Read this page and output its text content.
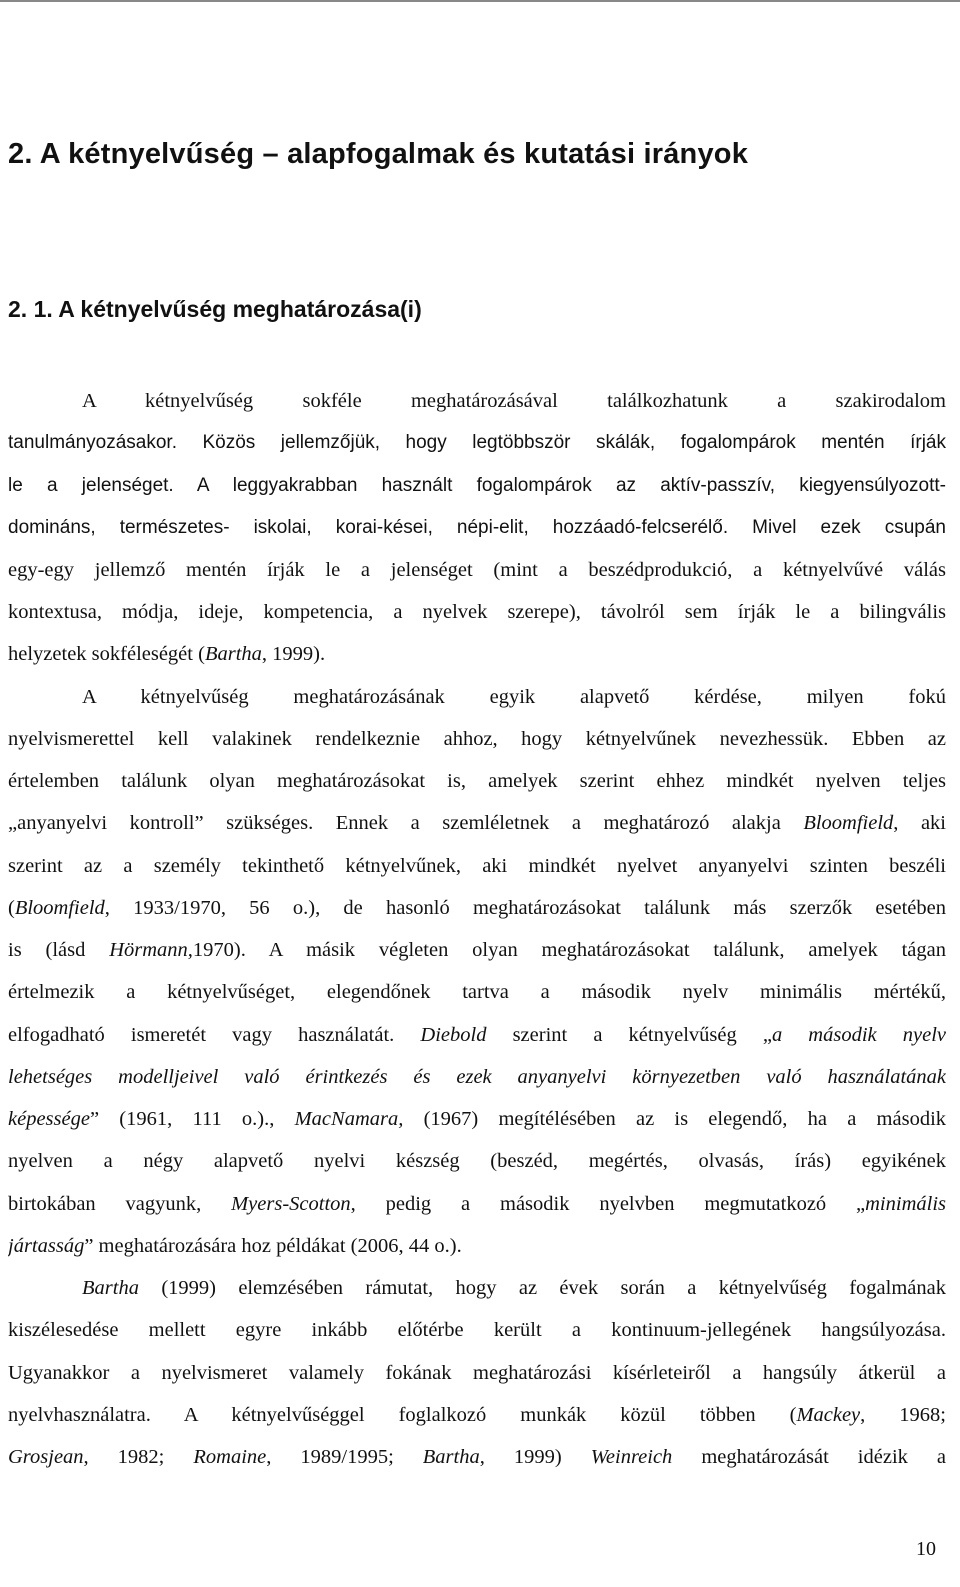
2. A kétnyelvűség – alapfogalmak és kutatási irányok
2. 1. A kétnyelvűség meghatározása(i)
A kétnyelvűség sokféle meghatározásával találkozhatunk a szakirodalom
tanulmányozásakor. Közös jellemzőjük, hogy legtöbbször skálák, fogalompárok mentén írják
le a jelenséget. A leggyakrabban használt fogalompárok az aktív-passzív, kiegyensúlyozott-
domináns, természetes- iskolai, korai-kései, népi-elit, hozzáadó-felcserélő. Mivel ezek csupán
egy-egy jellemző mentén írják le a jelenséget (mint a beszédprodukció, a kétnyelvűvé válás
kontextusa, módja, ideje, kompetencia, a nyelvek szerepe), távolról sem írják le a bilingvális
helyzetek sokféleségét (Bartha, 1999).
A kétnyelvűség meghatározásának egyik alapvető kérdése, milyen fokú
nyelvismerettel kell valakinek rendelkeznie ahhoz, hogy kétnyelvűnek nevezhessük. Ebben az
értelemben találunk olyan meghatározásokat is, amelyek szerint ehhez mindkét nyelven teljes
„anyanyelvi kontroll” szükséges. Ennek a szemléletnek a meghatározó alakja Bloomfield, aki
szerint az a személy tekinthető kétnyelvűnek, aki mindkét nyelvet anyanyelvi szinten beszéli
(Bloomfield, 1933/1970, 56 o.), de hasonló meghatározásokat találunk más szerzők esetében
is (lásd Hörmann,1970). A másik végleten olyan meghatározásokat találunk, amelyek tágan
értelmezik a kétnyelvűséget, elegendőnek tartva a második nyelv minimális mértékű,
elfogadható ismeretét vagy használatát. Diebold szerint a kétnyelvűség „a második nyelv
lehetséges modelljeivel való érintkezés és ezek anyanyelvi környezetben való használatának
képessége” (1961, 111 o.)., MacNamara, (1967) megítélésében az is elegendő, ha a második
nyelven a négy alapvető nyelvi készség (beszéd, megértés, olvasás, írás) egyikének
birtokában vagyunk, Myers-Scotton, pedig a második nyelvben megmutatkozó „minimális
jártasság” meghatározására hoz példákat (2006, 44 o.).
Bartha (1999) elemzésében rámutat, hogy az évek során a kétnyelvűség fogalmának
kiszélesedése mellett egyre inkább előtérbe került a kontinuum-jellegének hangsúlyozása.
Ugyanakkor a nyelvismeret valamely fokának meghatározási kísérleteiről a hangsúly átkerül a
nyelvhasználatra. A kétnyelvűséggel foglalkozó munkák közül többen (Mackey, 1968;
Grosjean, 1982; Romaine, 1989/1995; Bartha, 1999) Weinreich meghatározását idézik a
10
